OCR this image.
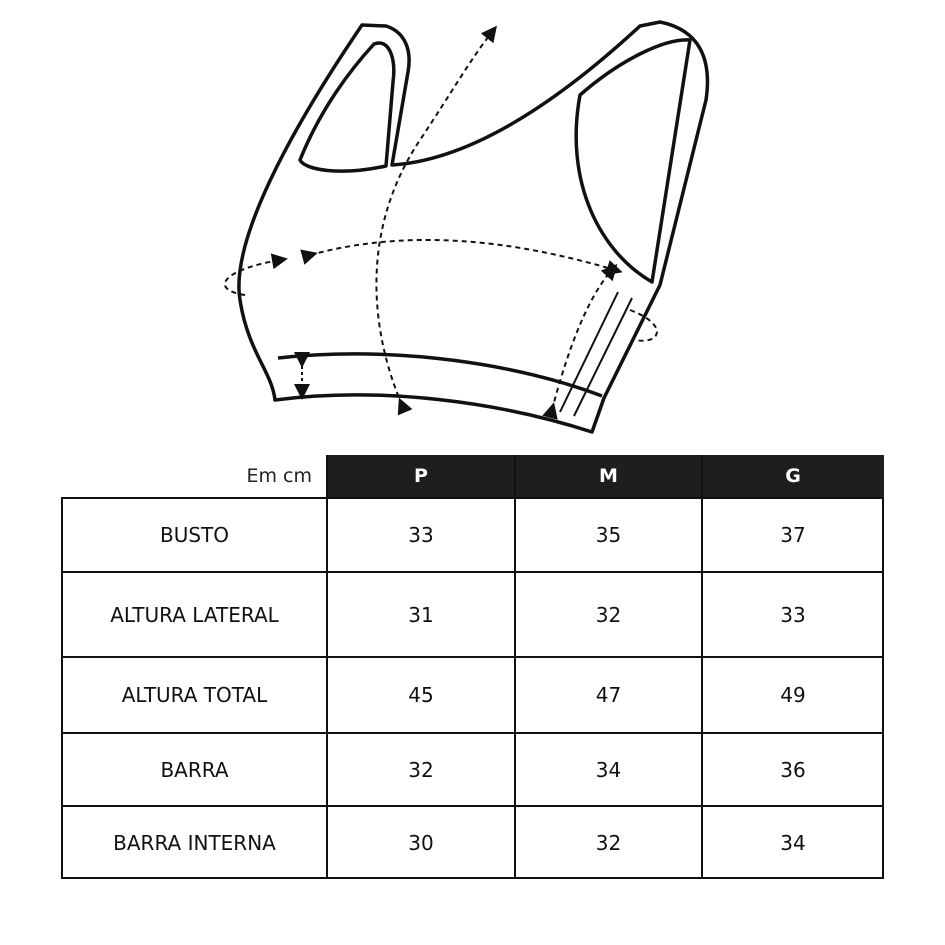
Em cm	P	M	G
BUSTO	33	35	37
ALTURA LATERAL	31	32	33
ALTURA TOTAL	45	47	49
BARRA	32	34	36
BARRA INTERNA	30	32	34
